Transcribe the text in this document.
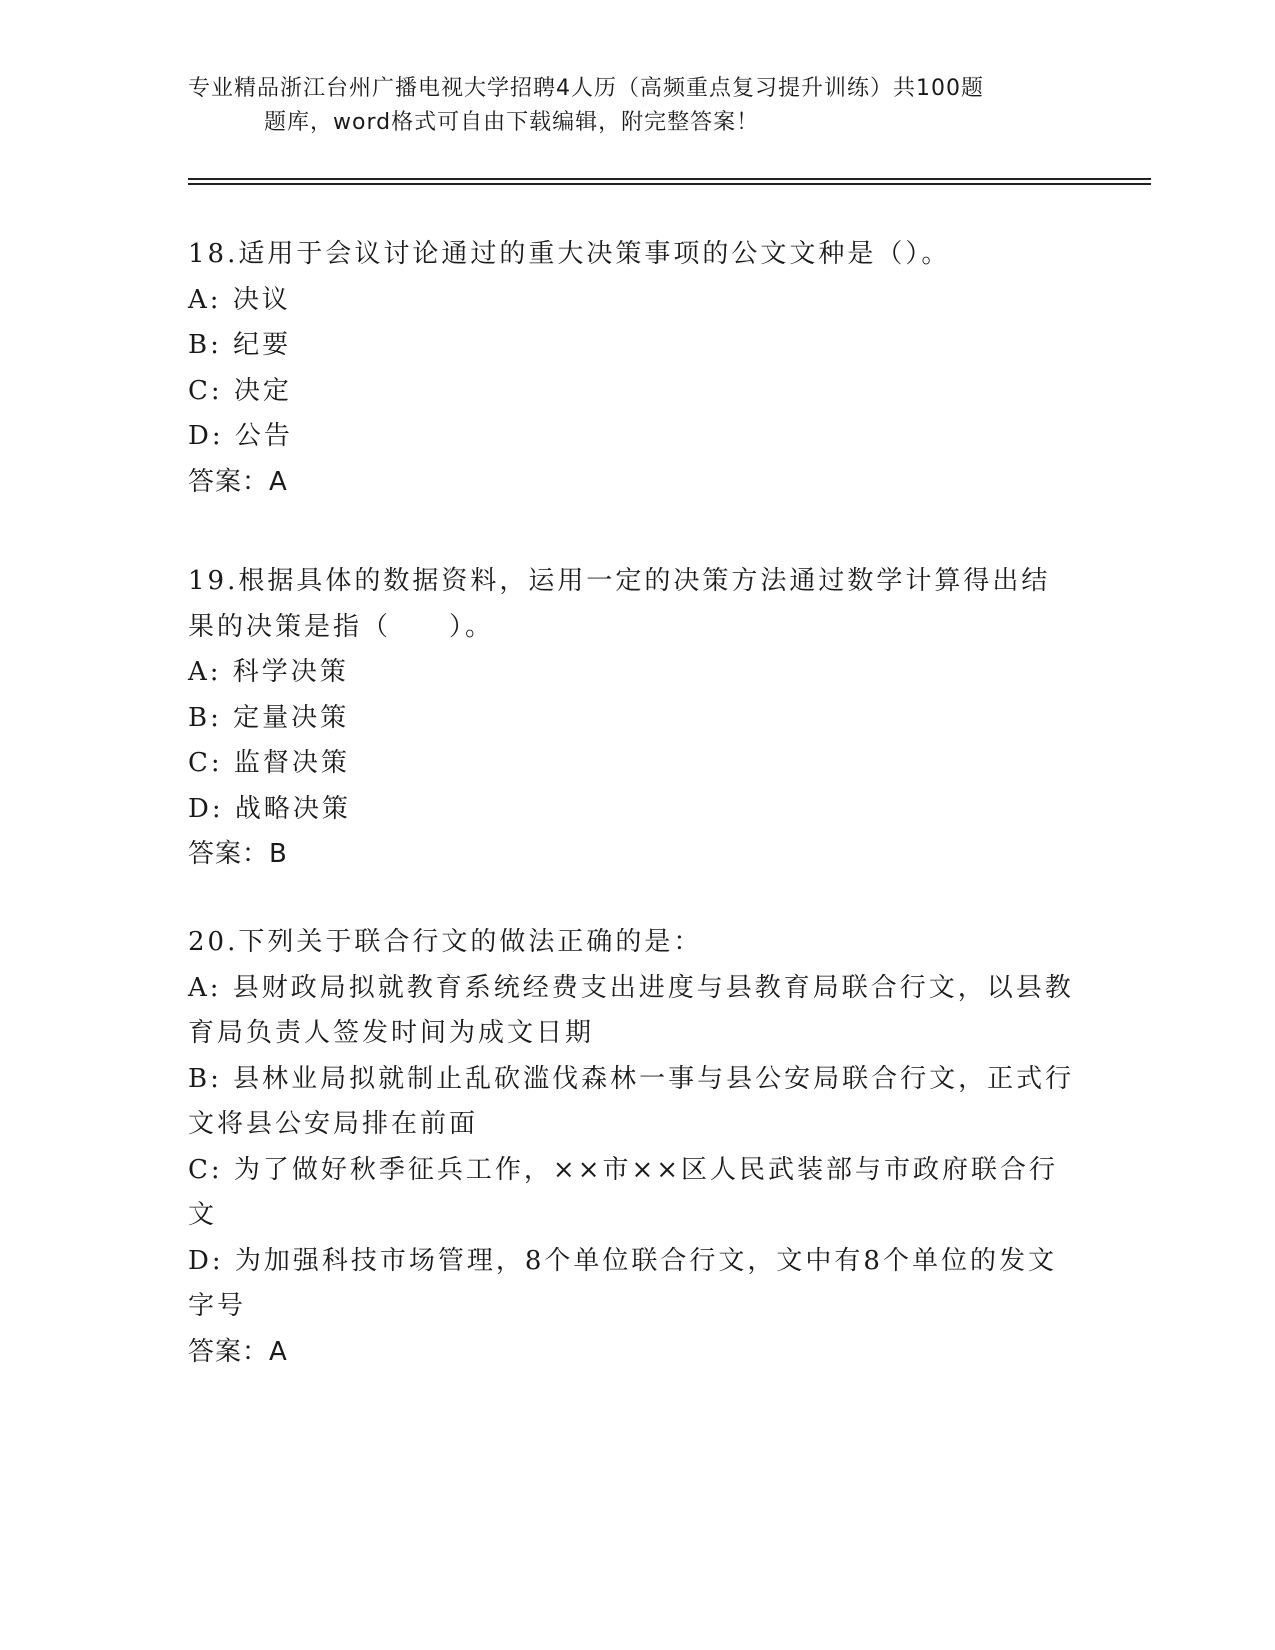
专业精品浙江台州广播电视大学招聘4人历（高频重点复习提升训练）共100题
题库，word格式可自由下载编辑，附完整答案！

18.适用于会议讨论通过的重大决策事项的公文文种是（）。

A: 决议

B: 纪要

C: 决定

D: 公告

答案：A

19.根据具体的数据资料，运用一定的决策方法通过数学计算得出结果的决策是指（　　）。

A: 科学决策

B: 定量决策

C: 监督决策

D: 战略决策

答案：B

20.下列关于联合行文的做法正确的是：

A: 县财政局拟就教育系统经费支出进度与县教育局联合行文，以县教育局负责人签发时间为成文日期

B: 县林业局拟就制止乱砍滥伐森林一事与县公安局联合行文，正式行文将县公安局排在前面

C: 为了做好秋季征兵工作，××市××区人民武装部与市政府联合行文

D: 为加强科技市场管理，8个单位联合行文，文中有8个单位的发文字号

答案：A
